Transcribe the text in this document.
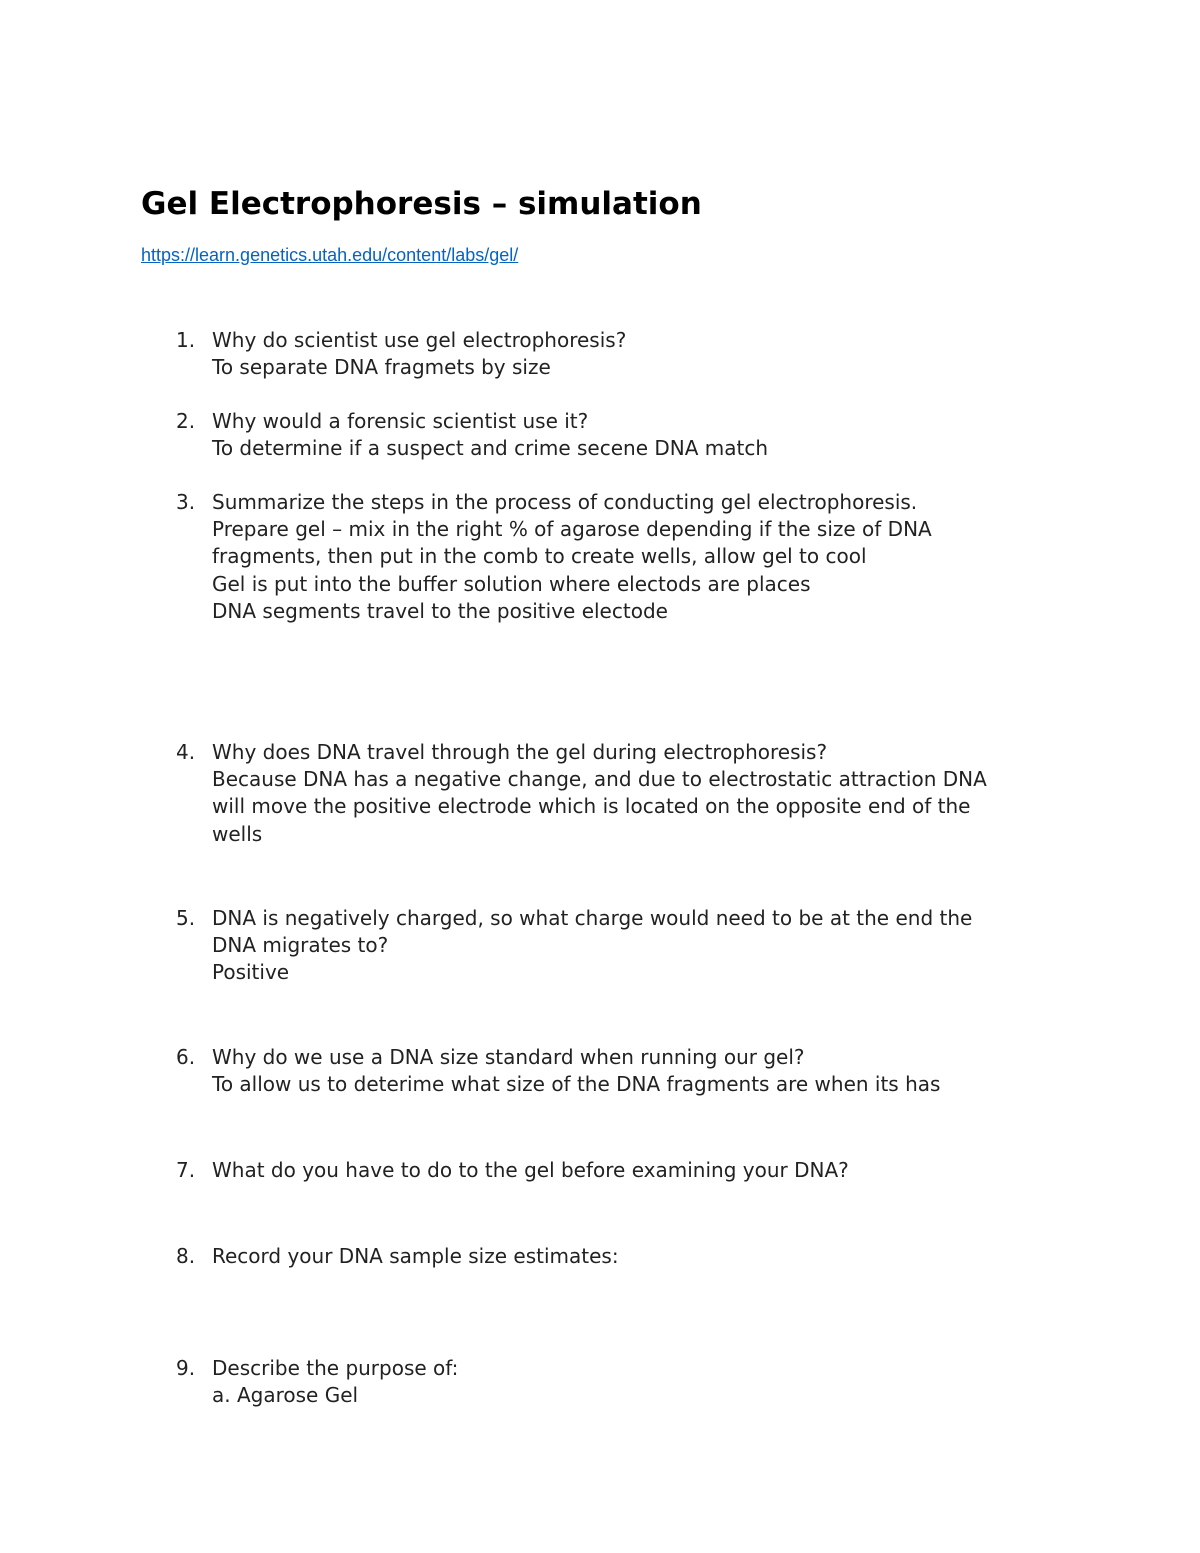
Gel Electrophoresis – simulation
https://learn.genetics.utah.edu/content/labs/gel/
1. Why do scientist use gel electrophoresis?
To separate DNA fragmets by size
2. Why would a forensic scientist use it?
To determine if a suspect and crime secene DNA match
3. Summarize the steps in the process of conducting gel electrophoresis.
Prepare gel – mix in the right % of agarose depending if the size of DNA
fragments, then put in the comb to create wells, allow gel to cool
Gel is put into the buffer solution where electods are places
DNA segments travel to the positive electode
4. Why does DNA travel through the gel during electrophoresis?
Because DNA has a negative change, and due to electrostatic attraction DNA
will move the positive electrode which is located on the opposite end of the
wells
5. DNA is negatively charged, so what charge would need to be at the end the
DNA migrates to?
Positive
6. Why do we use a DNA size standard when running our gel?
To allow us to deterime what size of the DNA fragments are when its has
7. What do you have to do to the gel before examining your DNA?
8. Record your DNA sample size estimates:
9. Describe the purpose of:
a. Agarose Gel
